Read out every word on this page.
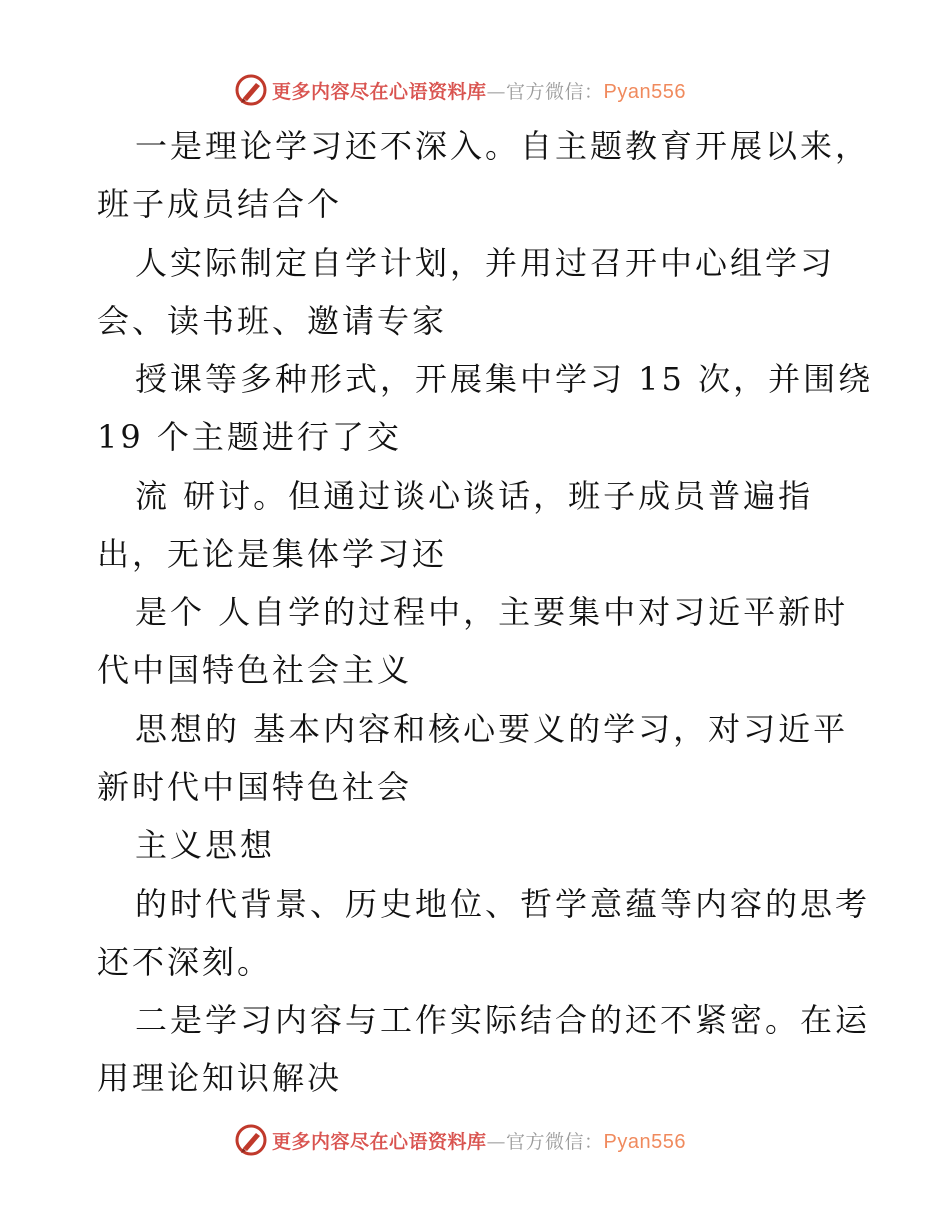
更多内容尽在心语资料库—官方微信：Pyan556
一是理论学习还不深入。自主题教育开展以来，
班子成员结合个
人实际制定自学计划，并用过召开中心组学习
会、读书班、邀请专家
授课等多种形式，开展集中学习 15 次，并围绕
19 个主题进行了交
流 研讨。但通过谈心谈话，班子成员普遍指
出，无论是集体学习还
是个 人自学的过程中，主要集中对习近平新时
代中国特色社会主义
思想的 基本内容和核心要义的学习，对习近平
新时代中国特色社会
主义思想
的时代背景、历史地位、哲学意蕴等内容的思考
还不深刻。
二是学习内容与工作实际结合的还不紧密。在运
用理论知识解决
更多内容尽在心语资料库—官方微信：Pyan556
